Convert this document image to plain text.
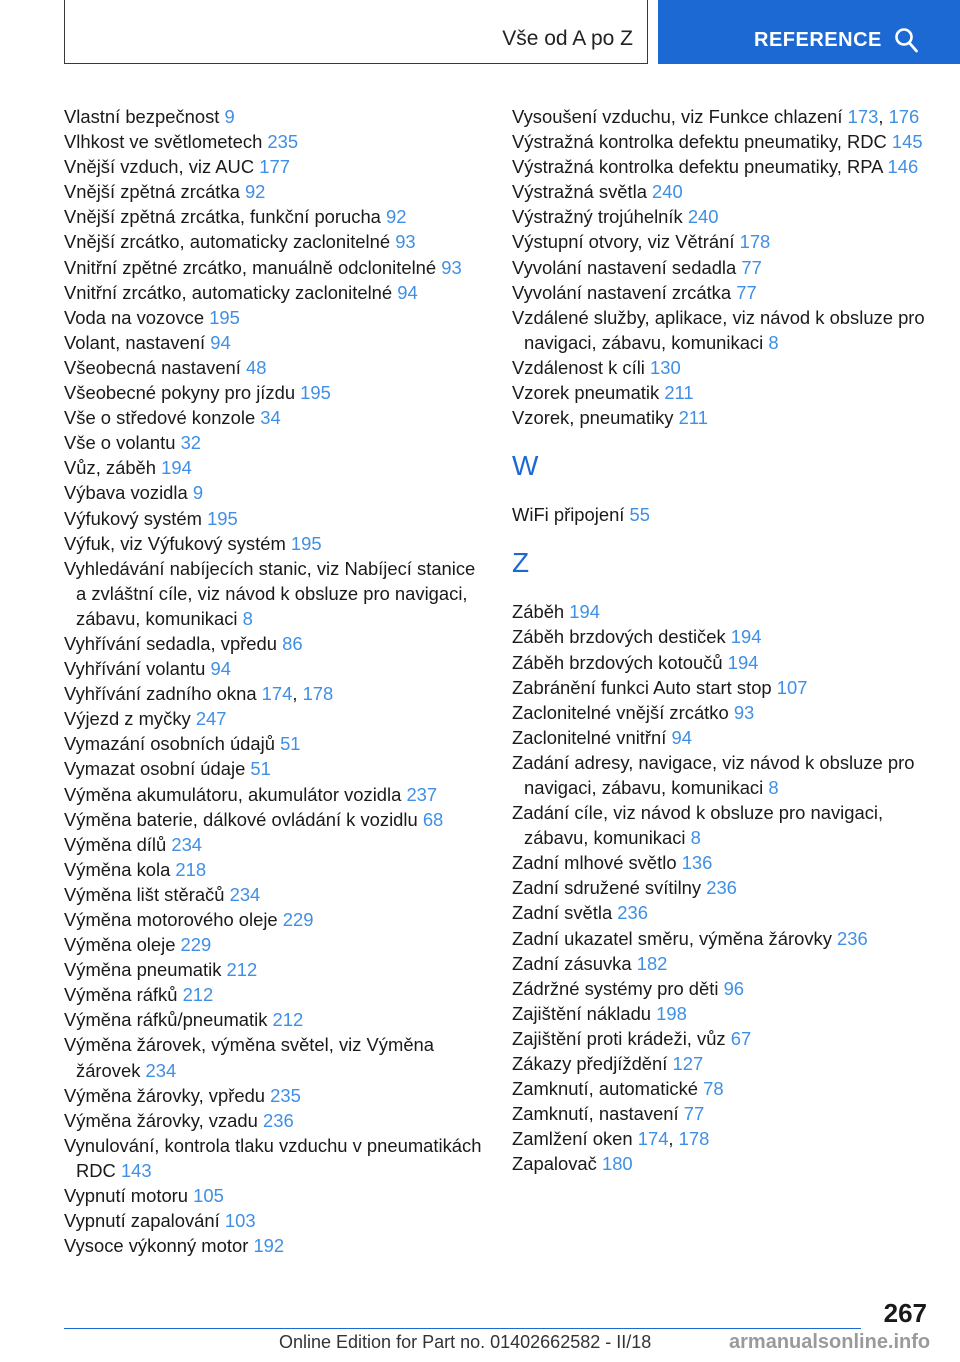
Vše od A po Z	REFERENCE
Vlastní bezpečnost 9
Vlhkost ve světlometech 235
Vnější vzduch, viz AUC 177
Vnější zpětná zrcátka 92
Vnější zpětná zrcátka, funkční porucha 92
Vnější zrcátko, automaticky zaclonitelné 93
Vnitřní zpětné zrcátko, manuálně odclonitelné 93
Vnitřní zrcátko, automaticky zaclonitelné 94
Voda na vozovce 195
Volant, nastavení 94
Všeobecná nastavení 48
Všeobecné pokyny pro jízdu 195
Vše o středové konzole 34
Vše o volantu 32
Vůz, záběh 194
Výbava vozidla 9
Výfukový systém 195
Výfuk, viz Výfukový systém 195
Vyhledávání nabíjecích stanic, viz Nabíjecí stanice a zvláštní cíle, viz návod k obsluze pro navigaci, zábavu, komunikaci 8
Vyhřívání sedadla, vpředu 86
Vyhřívání volantu 94
Vyhřívání zadního okna 174, 178
Výjezd z myčky 247
Vymazání osobních údajů 51
Vymazat osobní údaje 51
Výměna akumulátoru, akumulátor vozidla 237
Výměna baterie, dálkové ovládání k vozidlu 68
Výměna dílů 234
Výměna kola 218
Výměna lišt stěračů 234
Výměna motorového oleje 229
Výměna oleje 229
Výměna pneumatik 212
Výměna ráfků 212
Výměna ráfků/pneumatik 212
Výměna žárovek, výměna světel, viz Výměna žárovek 234
Výměna žárovky, vpředu 235
Výměna žárovky, vzadu 236
Vynulování, kontrola tlaku vzduchu v pneumatikách RDC 143
Vypnutí motoru 105
Vypnutí zapalování 103
Vysoce výkonný motor 192
Vysoušení vzduchu, viz Funkce chlazení 173, 176
Výstražná kontrolka defektu pneumatiky, RDC 145
Výstražná kontrolka defektu pneumatiky, RPA 146
Výstražná světla 240
Výstražný trojúhelník 240
Výstupní otvory, viz Větrání 178
Vyvolání nastavení sedadla 77
Vyvolání nastavení zrcátka 77
Vzdálené služby, aplikace, viz návod k obsluze pro navigaci, zábavu, komunikaci 8
Vzdálenost k cíli 130
Vzorek pneumatik 211
Vzorek, pneumatiky 211
W
WiFi připojení 55
Z
Záběh 194
Záběh brzdových destiček 194
Záběh brzdových kotoučů 194
Zabránění funkci Auto start stop 107
Zaclonitelné vnější zrcátko 93
Zaclonitelné vnitřní 94
Zadání adresy, navigace, viz návod k obsluze pro navigaci, zábavu, komunikaci 8
Zadání cíle, viz návod k obsluze pro navigaci, zábavu, komunikaci 8
Zadní mlhové světlo 136
Zadní sdružené svítilny 236
Zadní světla 236
Zadní ukazatel směru, výměna žárovky 236
Zadní zásuvka 182
Zádržné systémy pro děti 96
Zajištění nákladu 198
Zajištění proti krádeži, vůz 67
Zákazy předjíždění 127
Zamknutí, automatické 78
Zamknutí, nastavení 77
Zamlžení oken 174, 178
Zapalovač 180
267
Online Edition for Part no. 01402662582 - II/18	armanualsonline.info
